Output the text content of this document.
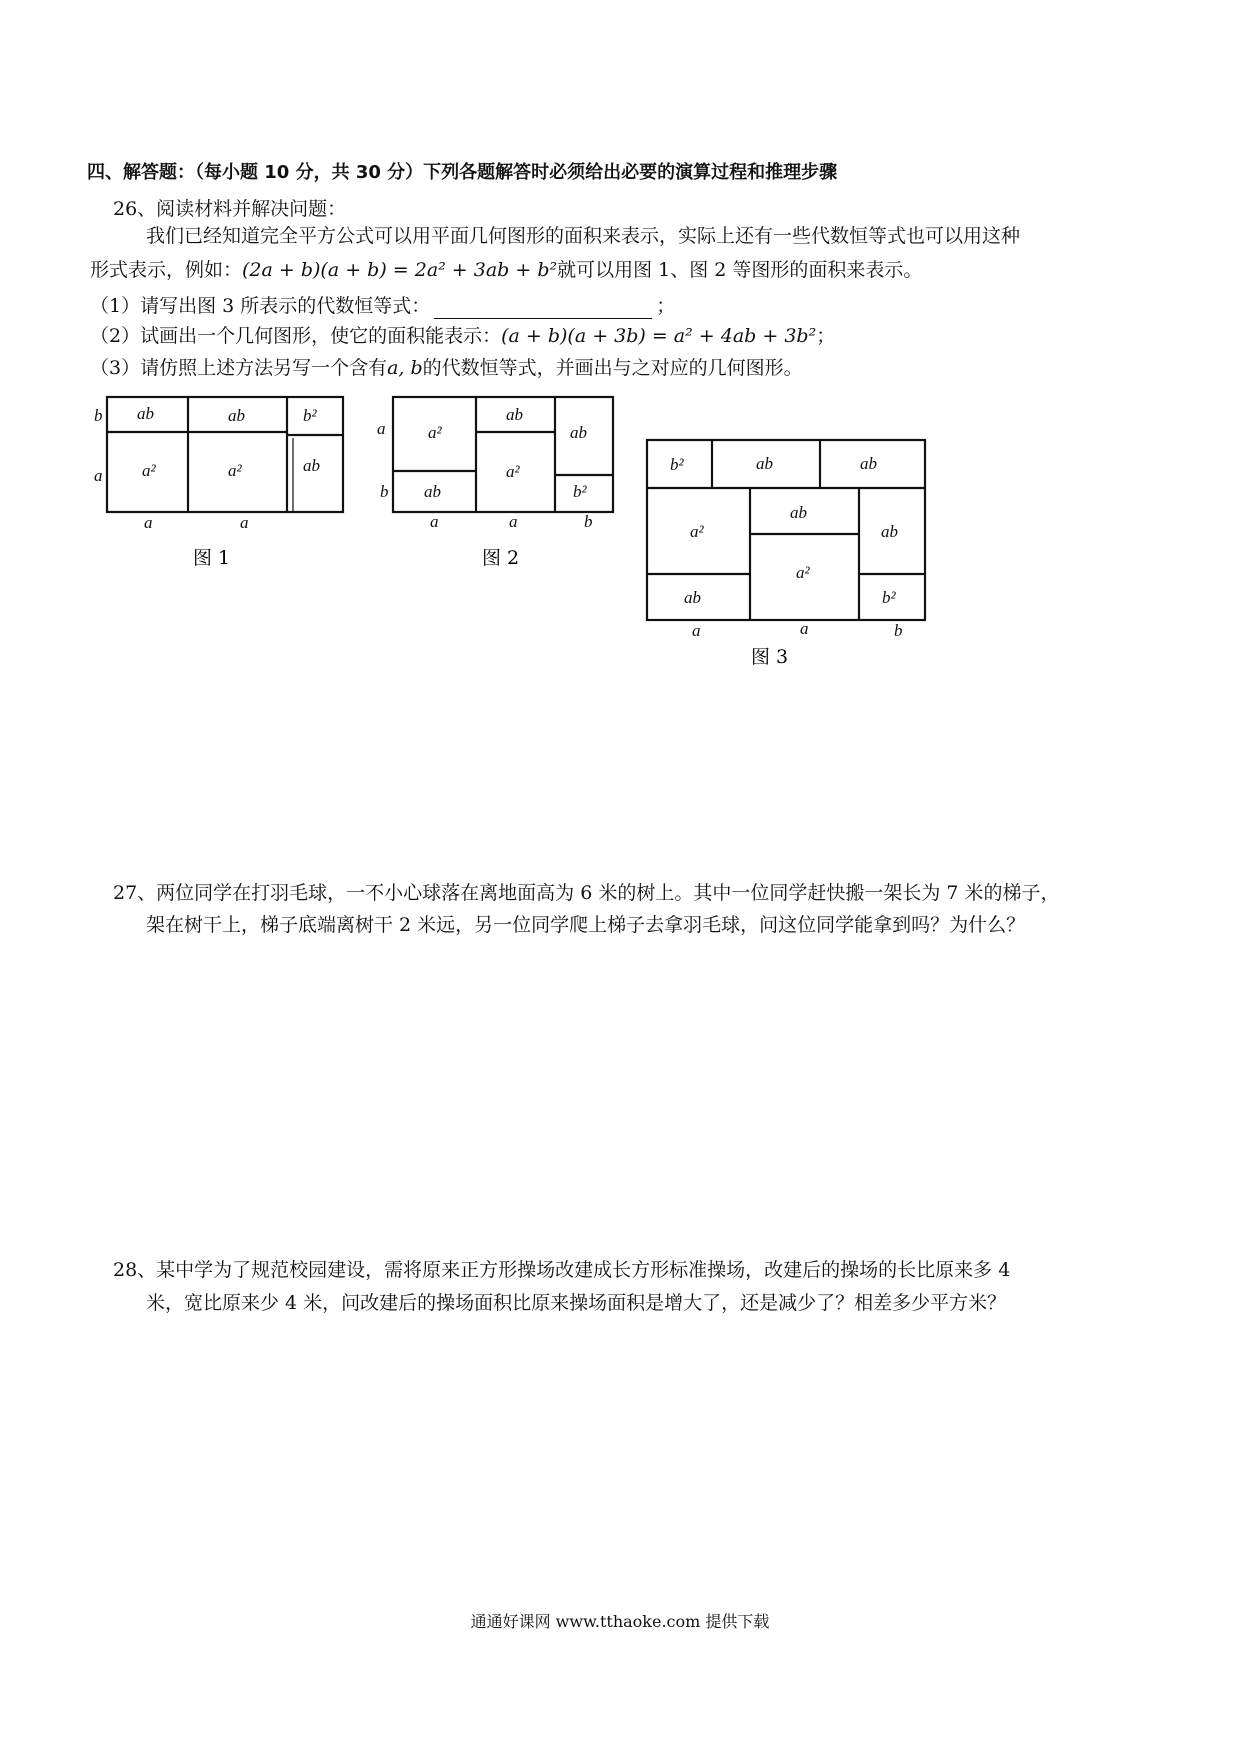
四、解答题：（每小题 10 分，共 30 分）下列各题解答时必须给出必要的演算过程和推理步骤
26、阅读材料并解决问题：
我们已经知道完全平方公式可以用平面几何图形的面积来表示，实际上还有一些代数恒等式也可以用这种
形式表示，例如：(2a + b)(a + b) = 2a² + 3ab + b²就可以用图 1、图 2 等图形的面积来表示。
（1）请写出图 3 所表示的代数恒等式：	；
（2）试画出一个几何图形，使它的面积能表示：(a + b)(a + 3b) = a² + 4ab + 3b²；
（3）请仿照上述方法另写一个含有a, b的代数恒等式，并画出与之对应的几何图形。
ab	ab	b²
a²	a²	ab
b
a
a	a
a²
ab
ab
ab
a²
b²
a
b
a	a	b
b²	ab	ab
a²
ab
ab
a²
ab	b²
a	a	b
图 1	图 2
图 3
27、两位同学在打羽毛球，一不小心球落在离地面高为 6 米的树上。其中一位同学赶快搬一架长为 7 米的梯子，
架在树干上，梯子底端离树干 2 米远，另一位同学爬上梯子去拿羽毛球，问这位同学能拿到吗？为什么？
28、某中学为了规范校园建设，需将原来正方形操场改建成长方形标准操场，改建后的操场的长比原来多 4
米，宽比原来少 4 米，问改建后的操场面积比原来操场面积是增大了，还是减少了？相差多少平方米？
通通好课网 www.tthaoke.com 提供下载
